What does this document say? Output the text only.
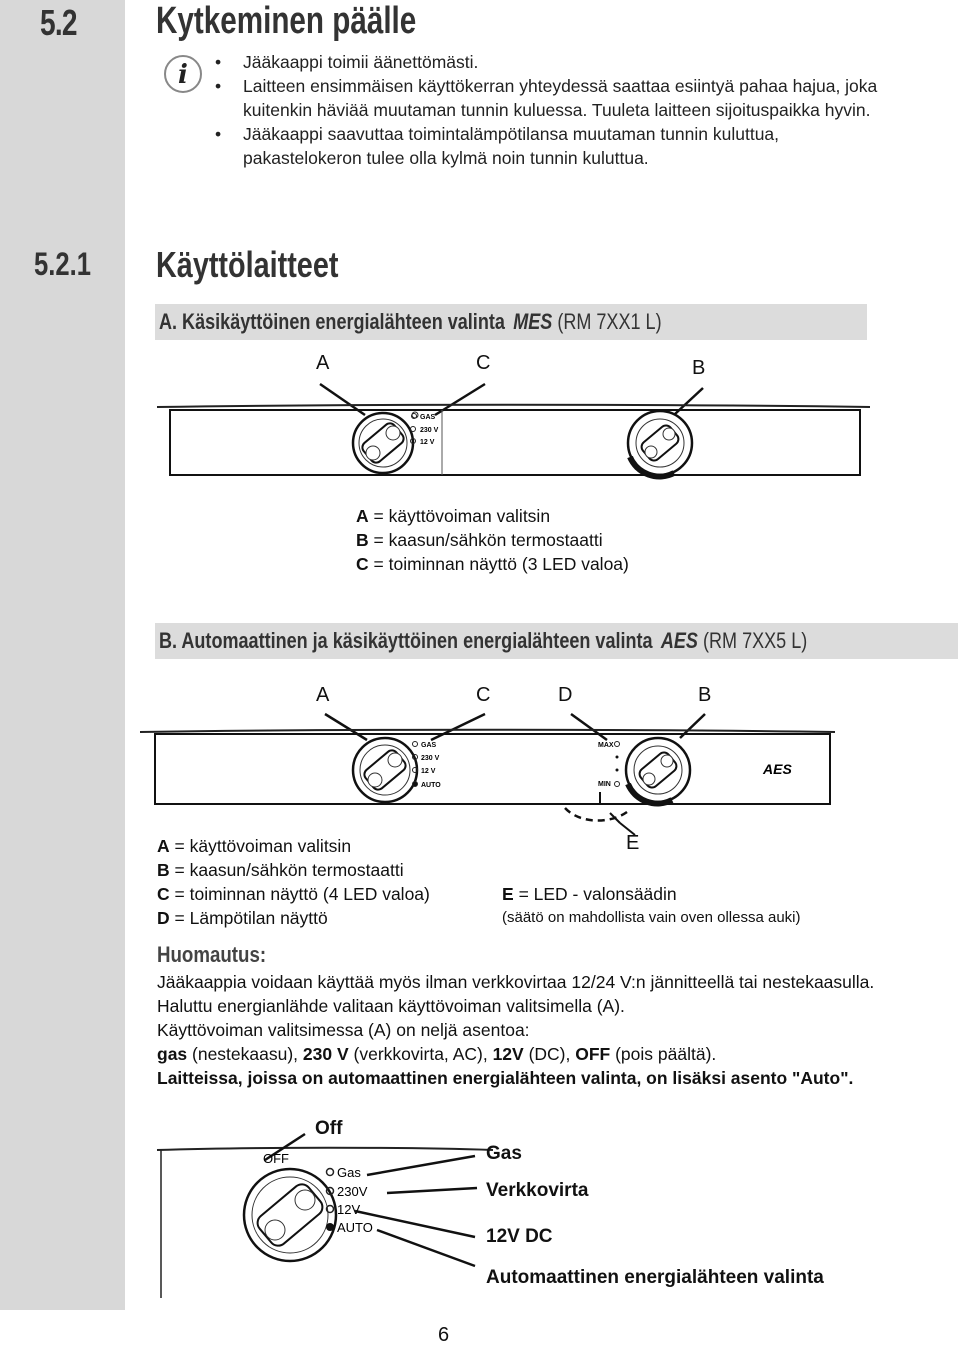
5.2 Kytkeminen päälle
i
•	Jääkaappi toimii äänettömästi.
• Laitteen ensimmäisen käyttökerran yhteydessä saattaa esiintyä pahaa hajua, joka kuitenkin häviää muutaman tunnin kuluessa. Tuuleta laitteen sijoituspaikka hyvin.
• Jääkaappi saavuttaa toimintalämpötilansa muutaman tunnin kuluttua, pakastelokeron tulee olla kylmä noin tunnin kuluttua.
5.2.1 Käyttölaitteet
A. Käsikäyttöinen energialähteen valinta MES (RM 7XX1 L)
A	C	B
GAS
230 V
12 V
A = käyttövoiman valitsin
B = kaasun/sähkön termostaatti
C = toiminnan näyttö (3 LED valoa)
B. Automaattinen ja käsikäyttöinen energialähteen valinta AES (RM 7XX5 L)
A	C	D	B
GAS
230 V
12 V
AUTO
MAX
MIN
AES
E
A = käyttövoiman valitsin
B = kaasun/sähkön termostaatti
C = toiminnan näyttö (4 LED valoa)
D = Lämpötilan näyttö
E = LED - valonsäädin
(säätö on mahdollista vain oven ollessa auki)
Huomautus:

Jääkaappia voidaan käyttää myös ilman verkkovirtaa 12/24 V:n jännitteellä tai nestekaasulla. Haluttu energianlähde valitaan käyttövoiman valitsimella (A).

Käyttövoiman valitsimessa (A) on neljä asentoa:

gas (nestekaasu), 230 V (verkkovirta, AC), 12V (DC), OFF (pois päältä).

Laitteissa, joissa on automaattinen energialähteen valinta, on lisäksi asento "Auto".

OFF
Gas
230V
12V
AUTO
Off
Gas
Verkkovirta
12V DC
Automaattinen energialähteen valinta
6
